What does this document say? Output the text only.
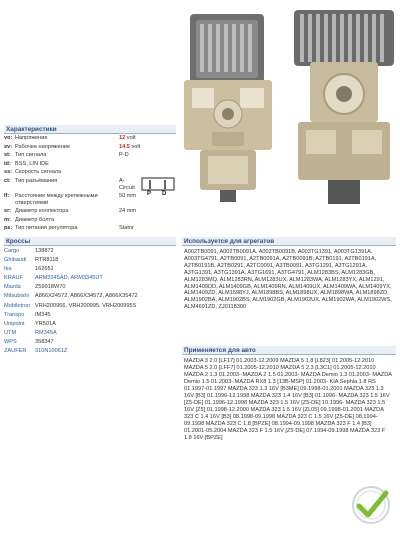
Характеристики
vo: Напряжение	12 volt
sv: Рабочее напряжение	14.5 volt
st: Тип сигнала	P-D
id: BSS, LIN IDE
ss: Скорость сигнала
ct: Тип разъёмания	A-
Circuit
lf:	Расстояние между крепежными отверстиями
50 mm
sr: Диаметр коллектора	24 mm
m: Диаметр болта
ps: Тип питания регулятора	Stator
P D
Кроссы
Cargo	138872
Ghibaudi	RTR8118
Ika	162651
KRAUF	ARM3345AD, ARM3345UT
Mazda	Z59918W70
Mitsubishi	A866X24572, A866X34572, A866X35472
Mobiletron VRH200966, VRH200995, VRH200995S
Transpo	IM345
Unipoint	YR501A
UTM	RM345A
WPS	358347
ZAUFER	310N10061Z
Используется для агрегатов
A002TB0091, A002TB0091A, A002TB0091B, A003TG1391, A003TG1391A, A003TG4791, A2TB0091, A2TB0091A, A2TB0091B, A2TB0191, A2TB0191A, A2TB0191B, A2TB0291, A2TC0091, A3TB0091, A3TG1291, A3TG1291A, A3TG1391, A3TG1391A, A3TG1691, A3TG4791, ALM1283BS, ALM1283GB, ALM1283MQ, ALM1283RN, ALM1283UX, ALM1283WA, ALM1283YX, ALM1291, ALM1409DD, ALM1409GB, ALM1409RN, ALM1409UX, ALM1409WA, ALM1409YX, ALM1409ZD, ALM1598YJ, ALM1898BS, ALM1898UX, ALM1898WA, ALM1898ZD, ALM1902BA, ALM1902BS, ALM1902GB, ALM1902UX, ALM1902WA, ALM1902WS, ALM4691ZD, ZJ0118300
Применяется для авто
MAZDA 3 2.0 [LF17] 01.2003-12.2009 MAZDA 5 1.8 [L823] 01.2005-12.2010 MAZDA 5 2.0 [LFF7] 01.2005-12.2010 MAZDA 5 2.3 [L3C1] 01.2005-12.2010 MAZDA 2 1.3 01.2003- MAZDA 2 1.5 01.2003- MAZDA Demio 1.3 01.2003- MAZDA Demio 1.5 01.2003- MAZDA RX8 1.3 [13B-MSP] 01.2003- KIA Sephia 1.8 RS 01.1997-01.1997 MAZDA 323 1.3 16V [B3ME] 09.1998-01.2001 MAZDA 323 1.3 16V [B3] 01.1996-12.1998 MAZDA 323 1.4 16V [B3] 01.1996- MAZDA 323 1.5 16V [Z5-DE] 01.1996-12.1998 MAZDA 323 1.5 16V [Z5-DE] 10.1996- MAZDA 323 1.5 16V [Z5] 01.1998-12.2000 MAZDA 323 1.5 16V [ZL05] 09.1998-01.2001 MAZDA 323 C 1.4 16V [B3] 08.1998-09.1998 MAZDA 323 C 1.5 16V [Z5-DE] 08.1994-09.1998 MAZDA 323 C 1.8 [BPZE] 08.1994-09.1998 MAZDA 323 F 1.4 [B3] 01.2001-05.2004 MAZDA 323 F 1.5 16V [Z5-DE] 07.1994-09.1998 MAZDA 323 F 1.8 16V [BPZE]
